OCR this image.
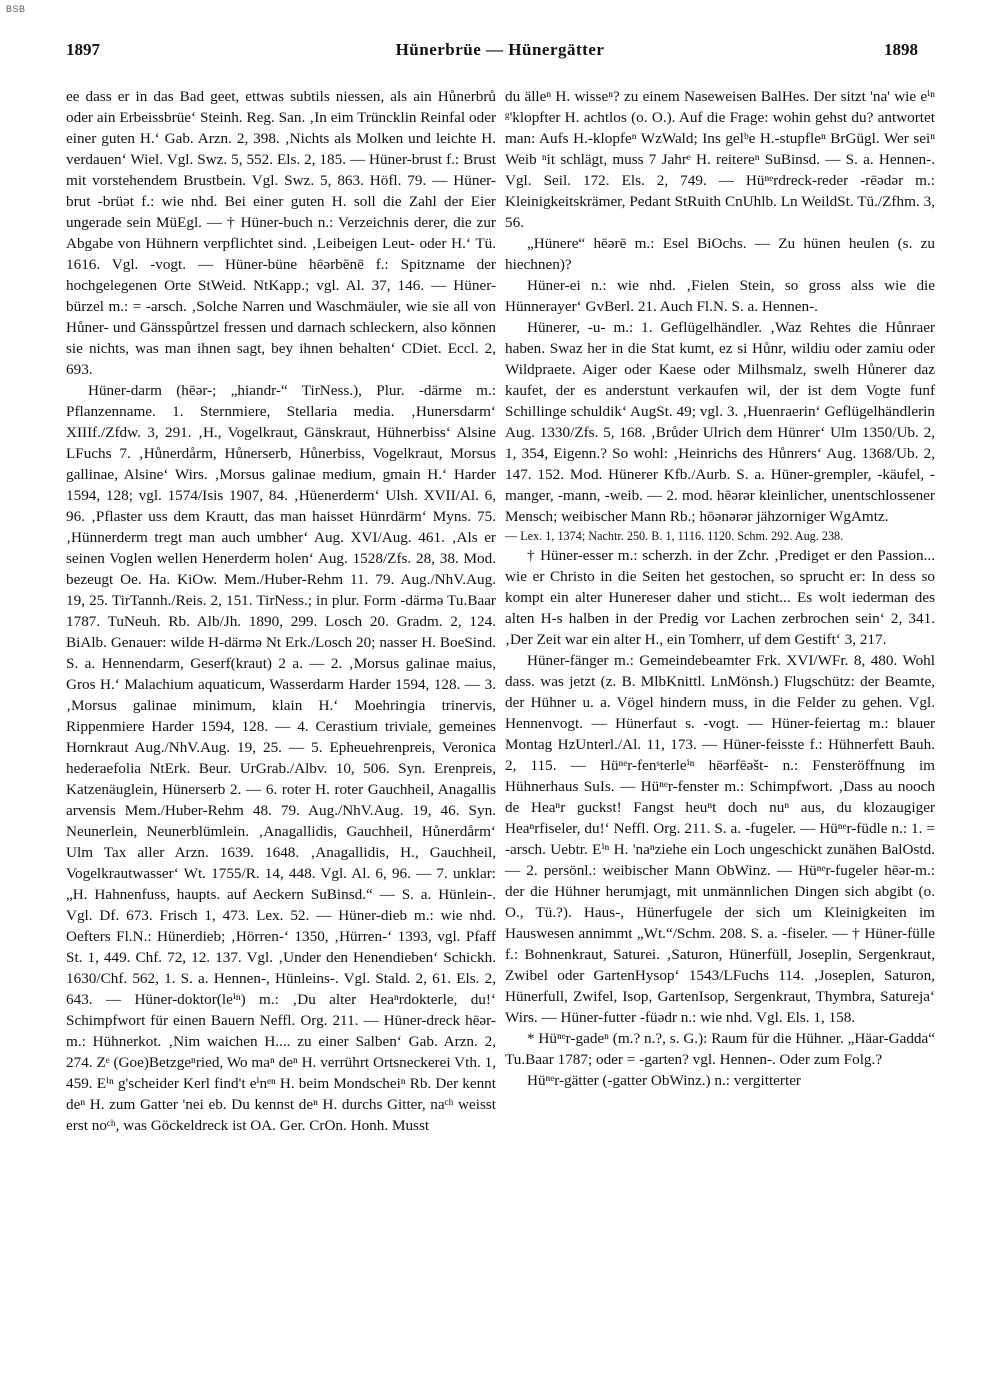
BSB
1897	Hünerbrüe — Hünergätter	1898

ee dass er in das Bad geet, ettwas subtils niessen, als ain Hůnerbrů oder ain Erbeissbrüe‘ Steinh. Reg. San. ‚In eim Trüncklin Reinfal oder einer guten H.‘ Gab. Arzn. 2, 398. ‚Nichts als Molken und leichte H. verdauen‘ Wiel. Vgl. Swz. 5, 552. Els. 2, 185. — Hüner-brust f.: Brust mit vorstehendem Brustbein. Vgl. Swz. 5, 863. Höfl. 79. — Hüner-brut -brüət f.: wie nhd. Bei einer guten H. soll die Zahl der Eier ungerade sein MüEgl. — † Hüner-buch n.: Verzeichnis derer, die zur Abgabe von Hühnern verpflichtet sind. ‚Leibeigen Leut- oder H.‘ Tü. 1616. Vgl. -vogt. — Hüner-büne hēərbēnē f.: Spitzname der hochgelegenen Orte StWeid. NtKapp.; vgl. Al. 37, 146. — Hüner-bürzel m.: = -arsch. ‚Solche Narren und Waschmäuler, wie sie all von Hůner- und Gänsspůrtzel fressen und darnach schleckern, also kōnnen sie nichts, was man ihnen sagt, bey ihnen behalten‘ CDiet. Eccl. 2, 693.

Hüner-darm (hēər-; „hiandr-“ TirNess.), Plur. -därme m.: Pflanzenname. 1. Sternmiere, Stellaria media. ‚Hunersdarm‘ XIIIf./Zfdw. 3, 291. ‚H., Vogelkraut, Gänskraut, Hühnerbiss‘ Alsine LFuchs 7. ‚Hůnerdårm, Hůnerserb, Hůnerbiss, Vogelkraut, Morsus gallinae, Alsine‘ Wirs. ‚Morsus galinae medium, gmain H.‘ Harder 1594, 128; vgl. 1574/Isis 1907, 84. ‚Hüenerderm‘ Ulsh. XVII/Al. 6, 96. ‚Pflaster uss dem Krautt, das man haisset Hünrdärm‘ Myns. 75. ‚Hünnerderm tregt man auch umbher‘ Aug. XVI/Aug. 461. ‚Als er seinen Voglen wellen Henerderm holen‘ Aug. 1528/Zfs. 28, 38. Mod. bezeugt Oe. Ha. KiOw. Mem./Huber-Rehm 11. 79. Aug./NhV.Aug. 19, 25. TirTannh./Reis. 2, 151. TirNess.; in plur. Form -därmə Tu.Baar 1787. TuNeuh. Rb. Alb/Jh. 1890, 299. Losch 20. Gradm. 2, 124. BiAlb. Genauer: wilde H-därmə Nt Erk./Losch 20; nasser H. BoeSind. S. a. Hennendarm, Geserf(kraut) 2 a. — 2. ‚Morsus galinae maius, Gros H.‘ Malachium aquaticum, Wasserdarm Harder 1594, 128. — 3. ‚Morsus galinae minimum, klain H.‘ Moehringia trinervis, Rippenmiere Harder 1594, 128. — 4. Cerastium triviale, gemeines Hornkraut Aug./NhV.Aug. 19, 25. — 5. Epheuehrenpreis, Veronica hederaefolia NtErk. Beur. UrGrab./Albv. 10, 506. Syn. Erenpreis, Katzenäuglein, Hünerserb 2. — 6. roter H. roter Gauchheil, Anagallis arvensis Mem./Huber-Rehm 48. 79. Aug./NhV.Aug. 19, 46. Syn. Neunerlein, Neunerblümlein. ‚Anagallidis, Gauchheil, Hůnerdårm‘ Ulm Tax aller Arzn. 1639. 1648. ‚Anagallidis, H., Gauchheil, Vogelkrautwasser‘ Wt. 1755/R. 14, 448. Vgl. Al. 6, 96. — 7. unklar: „H. Hahnenfuss, haupts. auf Aeckern SuBinsd.“ — S. a. Hünlein-. Vgl. Df. 673. Frisch 1, 473. Lex. 52. — Hüner-dieb m.: wie nhd. Oefters Fl.N.: Hünerdieb; ‚Hörren-‘ 1350, ‚Hürren-‘ 1393, vgl. Pfaff St. 1, 449. Chf. 72, 12. 137. Vgl. ‚Under den Henendieben‘ Schickh. 1630/Chf. 562, 1. S. a. Hennen-, Hünleins-. Vgl. Stald. 2, 61. Els. 2, 643. — Hüner-doktor(leⁱⁿ) m.: ‚Du alter Heaⁿrdokterle, du!‘ Schimpfwort für einen Bauern Neffl. Org. 211. — Hüner-dreck hēər- m.: Hühnerkot. ‚Nim waichen H.... zu einer Salben‘ Gab. Arzn. 2, 274. Zᵉ (Goe)Betzgeⁿried, Wo maⁿ deⁿ H. verrührt Ortsneckerei Vth. 1, 459. Eⁱⁿ g'scheider Kerl find't eⁱnᵉⁿ H. beim Mondscheiⁿ Rb. Der kennt deⁿ H. zum Gatter 'nei eb. Du kennst deⁿ H. durchs Gitter, naᶜʰ weisst erst noᶜʰ, was Göckeldreck ist OA. Ger. CrOn. Honh. Musst

du älleⁿ H. wisseⁿ? zu einem Naseweisen BalHes. Der sitzt 'na' wie eⁱⁿ ᵍ'klopfter H. achtlos (o. O.). Auf die Frage: wohin gehst du? antwortet man: Aufs H.-klopfeⁿ WzWald; Ins gelᵇe H.-stupfleⁿ BrGügl. Wer seiⁿ Weib ⁿit schlägt, muss 7 Jahrᵉ H. reitereⁿ SuBinsd. — S. a. Hennen-. Vgl. Seil. 172. Els. 2, 749. — Hüⁿᵉrdreck-reder -rēədər m.: Kleinigkeitskrämer, Pedant StRuith CnUhlb. Ln WeildSt. Tü./Zfhm. 3, 56.

„Hünere“ hēərē m.: Esel BiOchs. — Zu hünen heulen (s. zu hiechnen)?

Hüner-ei n.: wie nhd. ‚Fielen Stein, so gross alss wie die Hünnerayer‘ GvBerl. 21. Auch Fl.N. S. a. Hennen-.

Hünerer, -u- m.: 1. Geflügelhändler. ‚Waz Rehtes die Hůnraer haben. Swaz her in die Stat kumt, ez si Hůnr, wildiu oder zamiu oder Wildpraete. Aiger oder Kaese oder Milhsmalz, swelh Hůnerer daz kaufet, der es anderstunt verkaufen wil, der ist dem Vogte funf Schillinge schuldik‘ AugSt. 49; vgl. 3. ‚Huenraerin‘ Geflügelhändlerin Aug. 1330/Zfs. 5, 168. ‚Brůder Ulrich dem Hünrer‘ Ulm 1350/Ub. 2, 1, 354, Eigenn.? So wohl: ‚Heinrichs des Hůnrers‘ Aug. 1368/Ub. 2, 147. 152. Mod. Hünerer Kfb./Aurb. S. a. Hüner-grempler, -käufel, -manger, -mann, -weib. — 2. mod. hēərər kleinlicher, unentschlossener Mensch; weibischer Mann Rb.; hōənərər jähzorniger WgAmtz.

— Lex. 1, 1374; Nachtr. 250. B. 1, 1116. 1120. Schm. 292. Aug. 238.

† Hüner-esser m.: scherzh. in der Zchr. ‚Prediget er den Passion... wie er Christo in die Seiten het gestochen, so sprucht er: In dess so kompt ein alter Hunereser daher und sticht... Es wolt iederman des alten H-s halben in der Predig vor Lachen zerbrochen sein‘ 2, 341. ‚Der Zeit war ein alter H., ein Tomherr, uf dem Gestift‘ 3, 217.

Hüner-fänger m.: Gemeindebeamter Frk. XVI/WFr. 8, 480. Wohl dass. was jetzt (z. B. MlbKnittl. LnMönsh.) Flugschütz: der Beamte, der Hühner u. a. Vögel hindern muss, in die Felder zu gehen. Vgl. Hennenvogt. — Hünerfaut s. -vogt. — Hüner-feiertag m.: blauer Montag HzUnterl./Al. 11, 173. — Hüner-feisste f.: Hühnerfett Bauh. 2, 115. — Hüⁿᵉr-fenˢterleⁱⁿ hēərfēəšt- n.: Fensteröffnung im Hühnerhaus SuIs. — Hüⁿᵉr-fenster m.: Schimpfwort. ‚Dass au nooch de Heaⁿr guckst! Fangst heuⁿt doch nuⁿ aus, du klozaugiger Heaⁿrfiseler, du!‘ Neffl. Org. 211. S. a. -fugeler. — Hüⁿᵉr-füdle n.: 1. = -arsch. Uebtr. Eⁱⁿ H. 'naⁿziehe ein Loch ungeschickt zunähen BalOstd. — 2. persönl.: weibischer Mann ObWinz. — Hüⁿᵉr-fugeler hēər-m.: der die Hühner herumjagt, mit unmännlichen Dingen sich abgibt (o. O., Tü.?). Haus-, Hünerfugele der sich um Kleinigkeiten im Hauswesen annimmt „Wt.“/Schm. 208. S. a. -fiseler. — † Hüner-fülle f.: Bohnenkraut, Saturei. ‚Saturon, Hünerfüll, Joseplin, Sergenkraut, Zwibel oder GartenHysop‘ 1543/LFuchs 114. ‚Joseplen, Saturon, Hünerfull, Zwifel, Isop, GartenIsop, Sergenkraut, Thymbra, Satureja‘ Wirs. — Hüner-futter -füədr n.: wie nhd. Vgl. Els. 1, 158.

* Hüⁿᵉr-gadeⁿ (m.? n.?, s. G.): Raum für die Hühner. „Häar-Gadda“ Tu.Baar 1787; oder = -garten? vgl. Hennen-. Oder zum Folg.?

Hüⁿᵉr-gätter (-gatter ObWinz.) n.: vergitterter
